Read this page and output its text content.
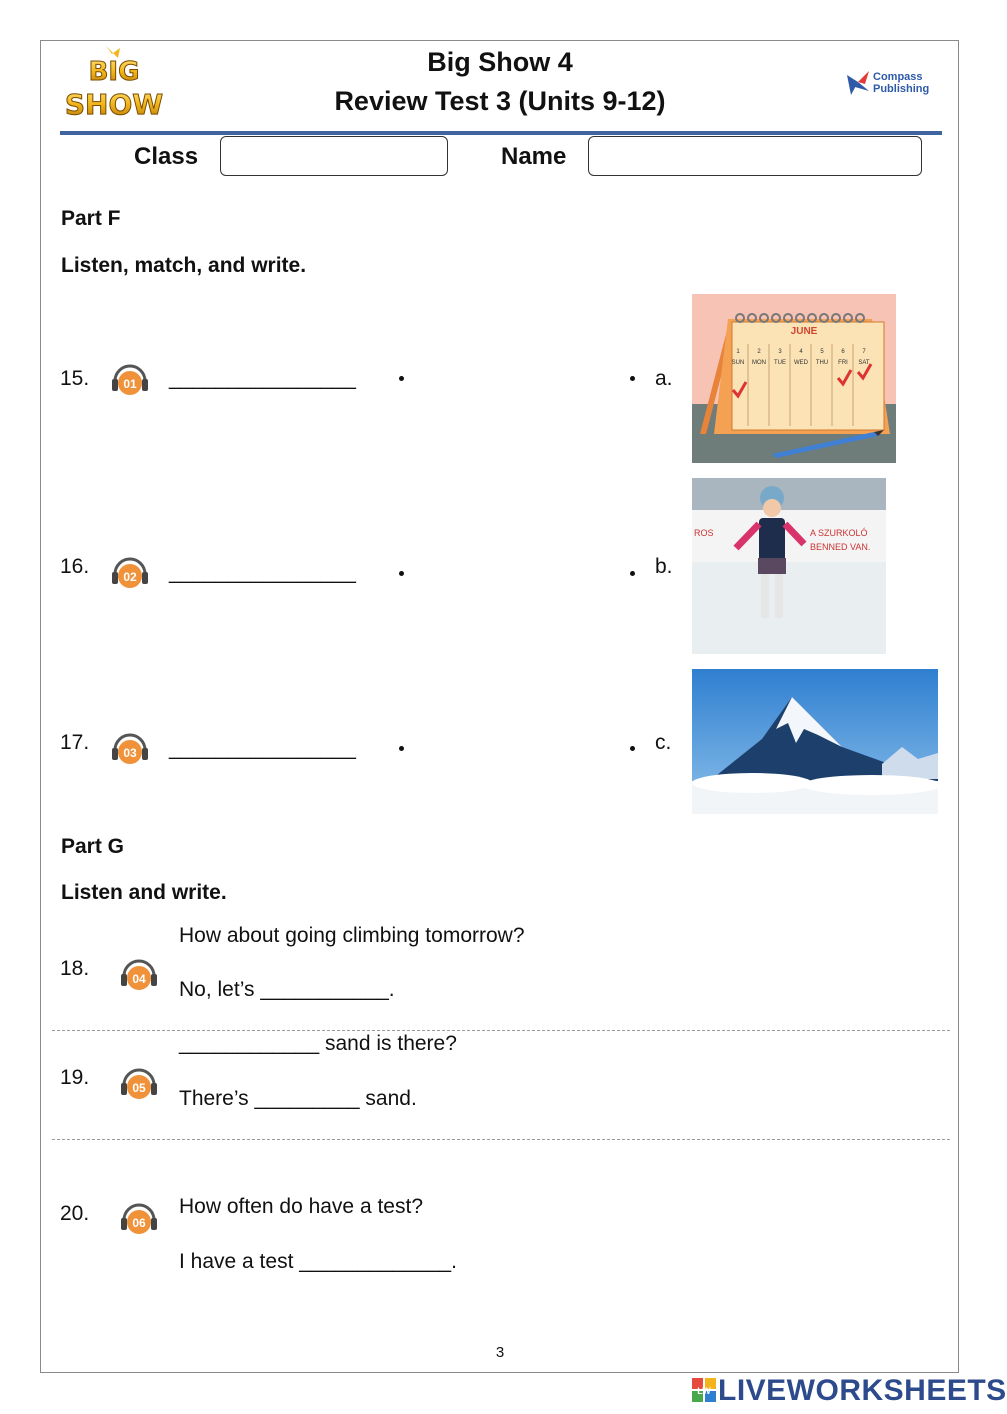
BIG
SHOW
Big Show 4
Review Test 3 (Units 9-12)
Compass
Publishing
Class	Name
Part F
Listen, match, and write.
15.	01 ________________	a.
16.	02 ________________	b.
17.	03 ________________	c.
JUNE
1	2	3	4	5	6	7
SUN MON TUE WED THU FRI SAT
ROS	A SZURKOLÓ
BENNED VAN.
Part G
Listen and write.
18.	04
How about going climbing tomorrow?
No, let’s ___________.
19.	05
____________ sand is there?
There’s _________ sand.
20.	06
How often do have a test?
I have a test _____________.
3
LW LIVEWORKSHEETS
